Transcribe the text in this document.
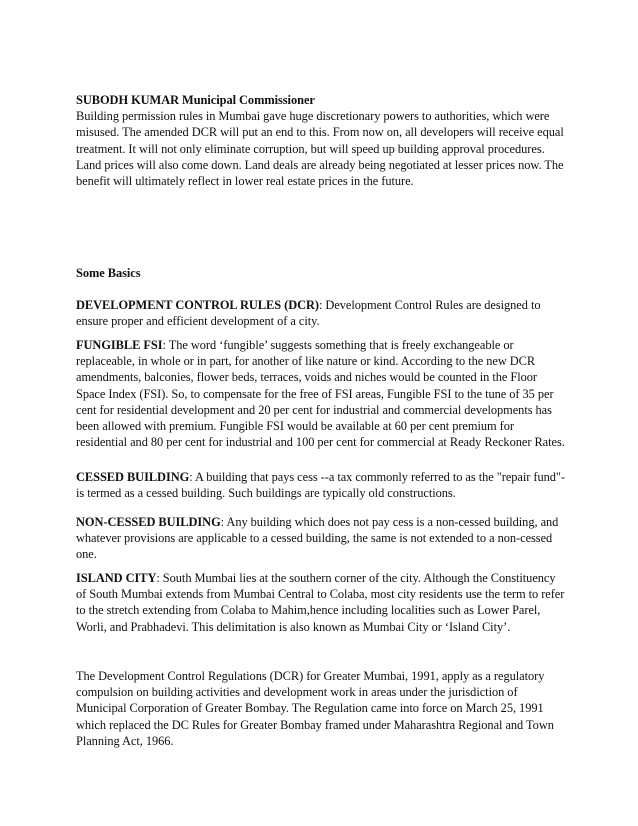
SUBODH KUMAR Municipal Commissioner
Building permission rules in Mumbai gave huge discretionary powers to authorities, which were misused. The amended DCR will put an end to this. From now on, all developers will receive equal treatment. It will not only eliminate corruption, but will speed up building approval procedures. Land prices will also come down. Land deals are already being negotiated at lesser prices now. The benefit will ultimately reflect in lower real estate prices in the future.
Some Basics
DEVELOPMENT CONTROL RULES (DCR): Development Control Rules are designed to ensure proper and efficient development of a city.
FUNGIBLE FSI: The word ‘fungible’ suggests something that is freely exchangeable or replaceable, in whole or in part, for another of like nature or kind. According to the new DCR amendments, balconies, flower beds, terraces, voids and niches would be counted in the Floor Space Index (FSI). So, to compensate for the free of FSI areas, Fungible FSI to the tune of 35 per cent for residential development and 20 per cent for industrial and commercial developments has been allowed with premium. Fungible FSI would be available at 60 per cent premium for residential and 80 per cent for industrial and 100 per cent for commercial at Ready Reckoner Rates.
CESSED BUILDING: A building that pays cess --a tax commonly referred to as the "repair fund"- is termed as a cessed building. Such buildings are typically old constructions.
NON-CESSED BUILDING: Any building which does not pay cess is a non-cessed building, and whatever provisions are applicable to a cessed building, the same is not extended to a non-cessed one.
ISLAND CITY: South Mumbai lies at the southern corner of the city. Although the Constituency of South Mumbai extends from Mumbai Central to Colaba, most city residents use the term to refer to the stretch extending from Colaba to Mahim,hence including localities such as Lower Parel, Worli, and Prabhadevi. This delimitation is also known as Mumbai City or ‘Island City’.
The Development Control Regulations (DCR) for Greater Mumbai, 1991, apply as a regulatory compulsion on building activities and development work in areas under the jurisdiction of Municipal Corporation of Greater Bombay. The Regulation came into force on March 25, 1991 which replaced the DC Rules for Greater Bombay framed under Maharashtra Regional and Town Planning Act, 1966.
